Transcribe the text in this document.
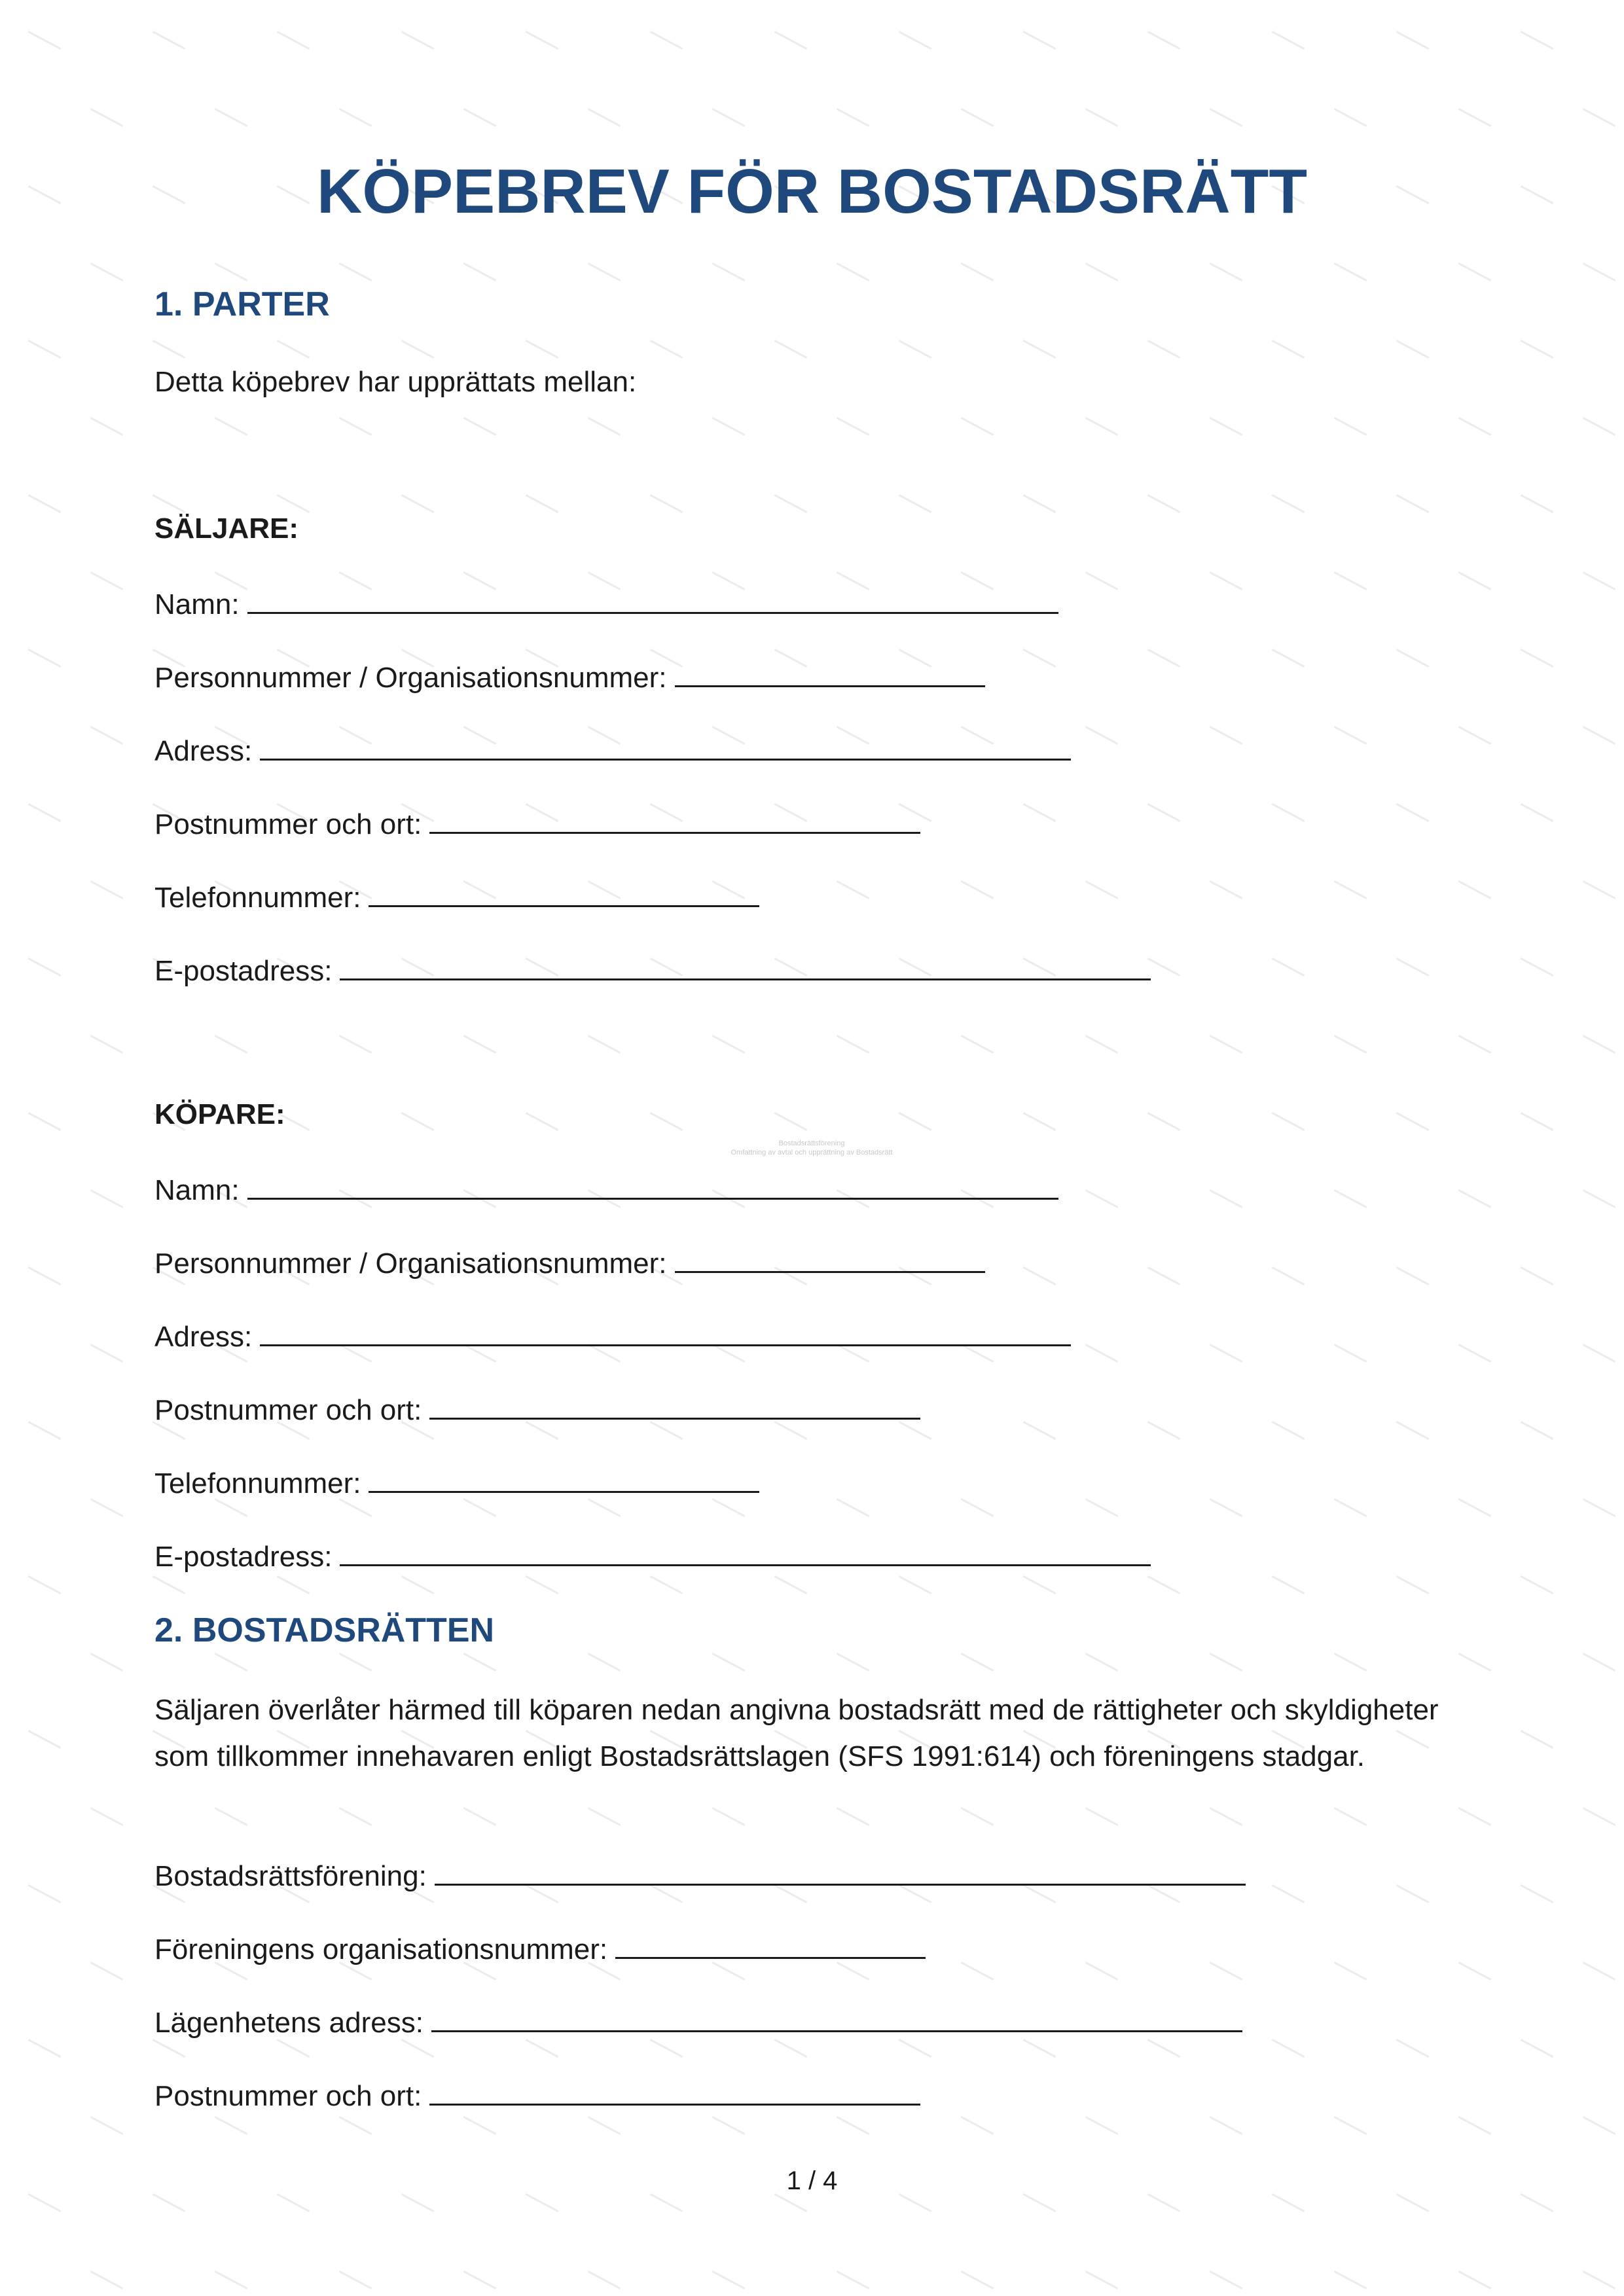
KÖPEBREV FÖR BOSTADSRÄTT
1. PARTER
Detta köpebrev har upprättats mellan:
SÄLJARE:
Namn:
Personnummer / Organisationsnummer:
Adress:
Postnummer och ort:
Telefonnummer:
E-postadress:
KÖPARE:
Namn:
Personnummer / Organisationsnummer:
Adress:
Postnummer och ort:
Telefonnummer:
E-postadress:
Bostadsrättsförening
Omfattning av avtal och upprättning av Bostadsrätt
2. BOSTADSRÄTTEN
Säljaren överlåter härmed till köparen nedan angivna bostadsrätt med de rättigheter och skyldigheter som tillkommer innehavaren enligt Bostadsrättslagen (SFS 1991:614) och föreningens stadgar.
Bostadsrättsförening:
Föreningens organisationsnummer:
Lägenhetens adress:
Postnummer och ort:
1 / 4
